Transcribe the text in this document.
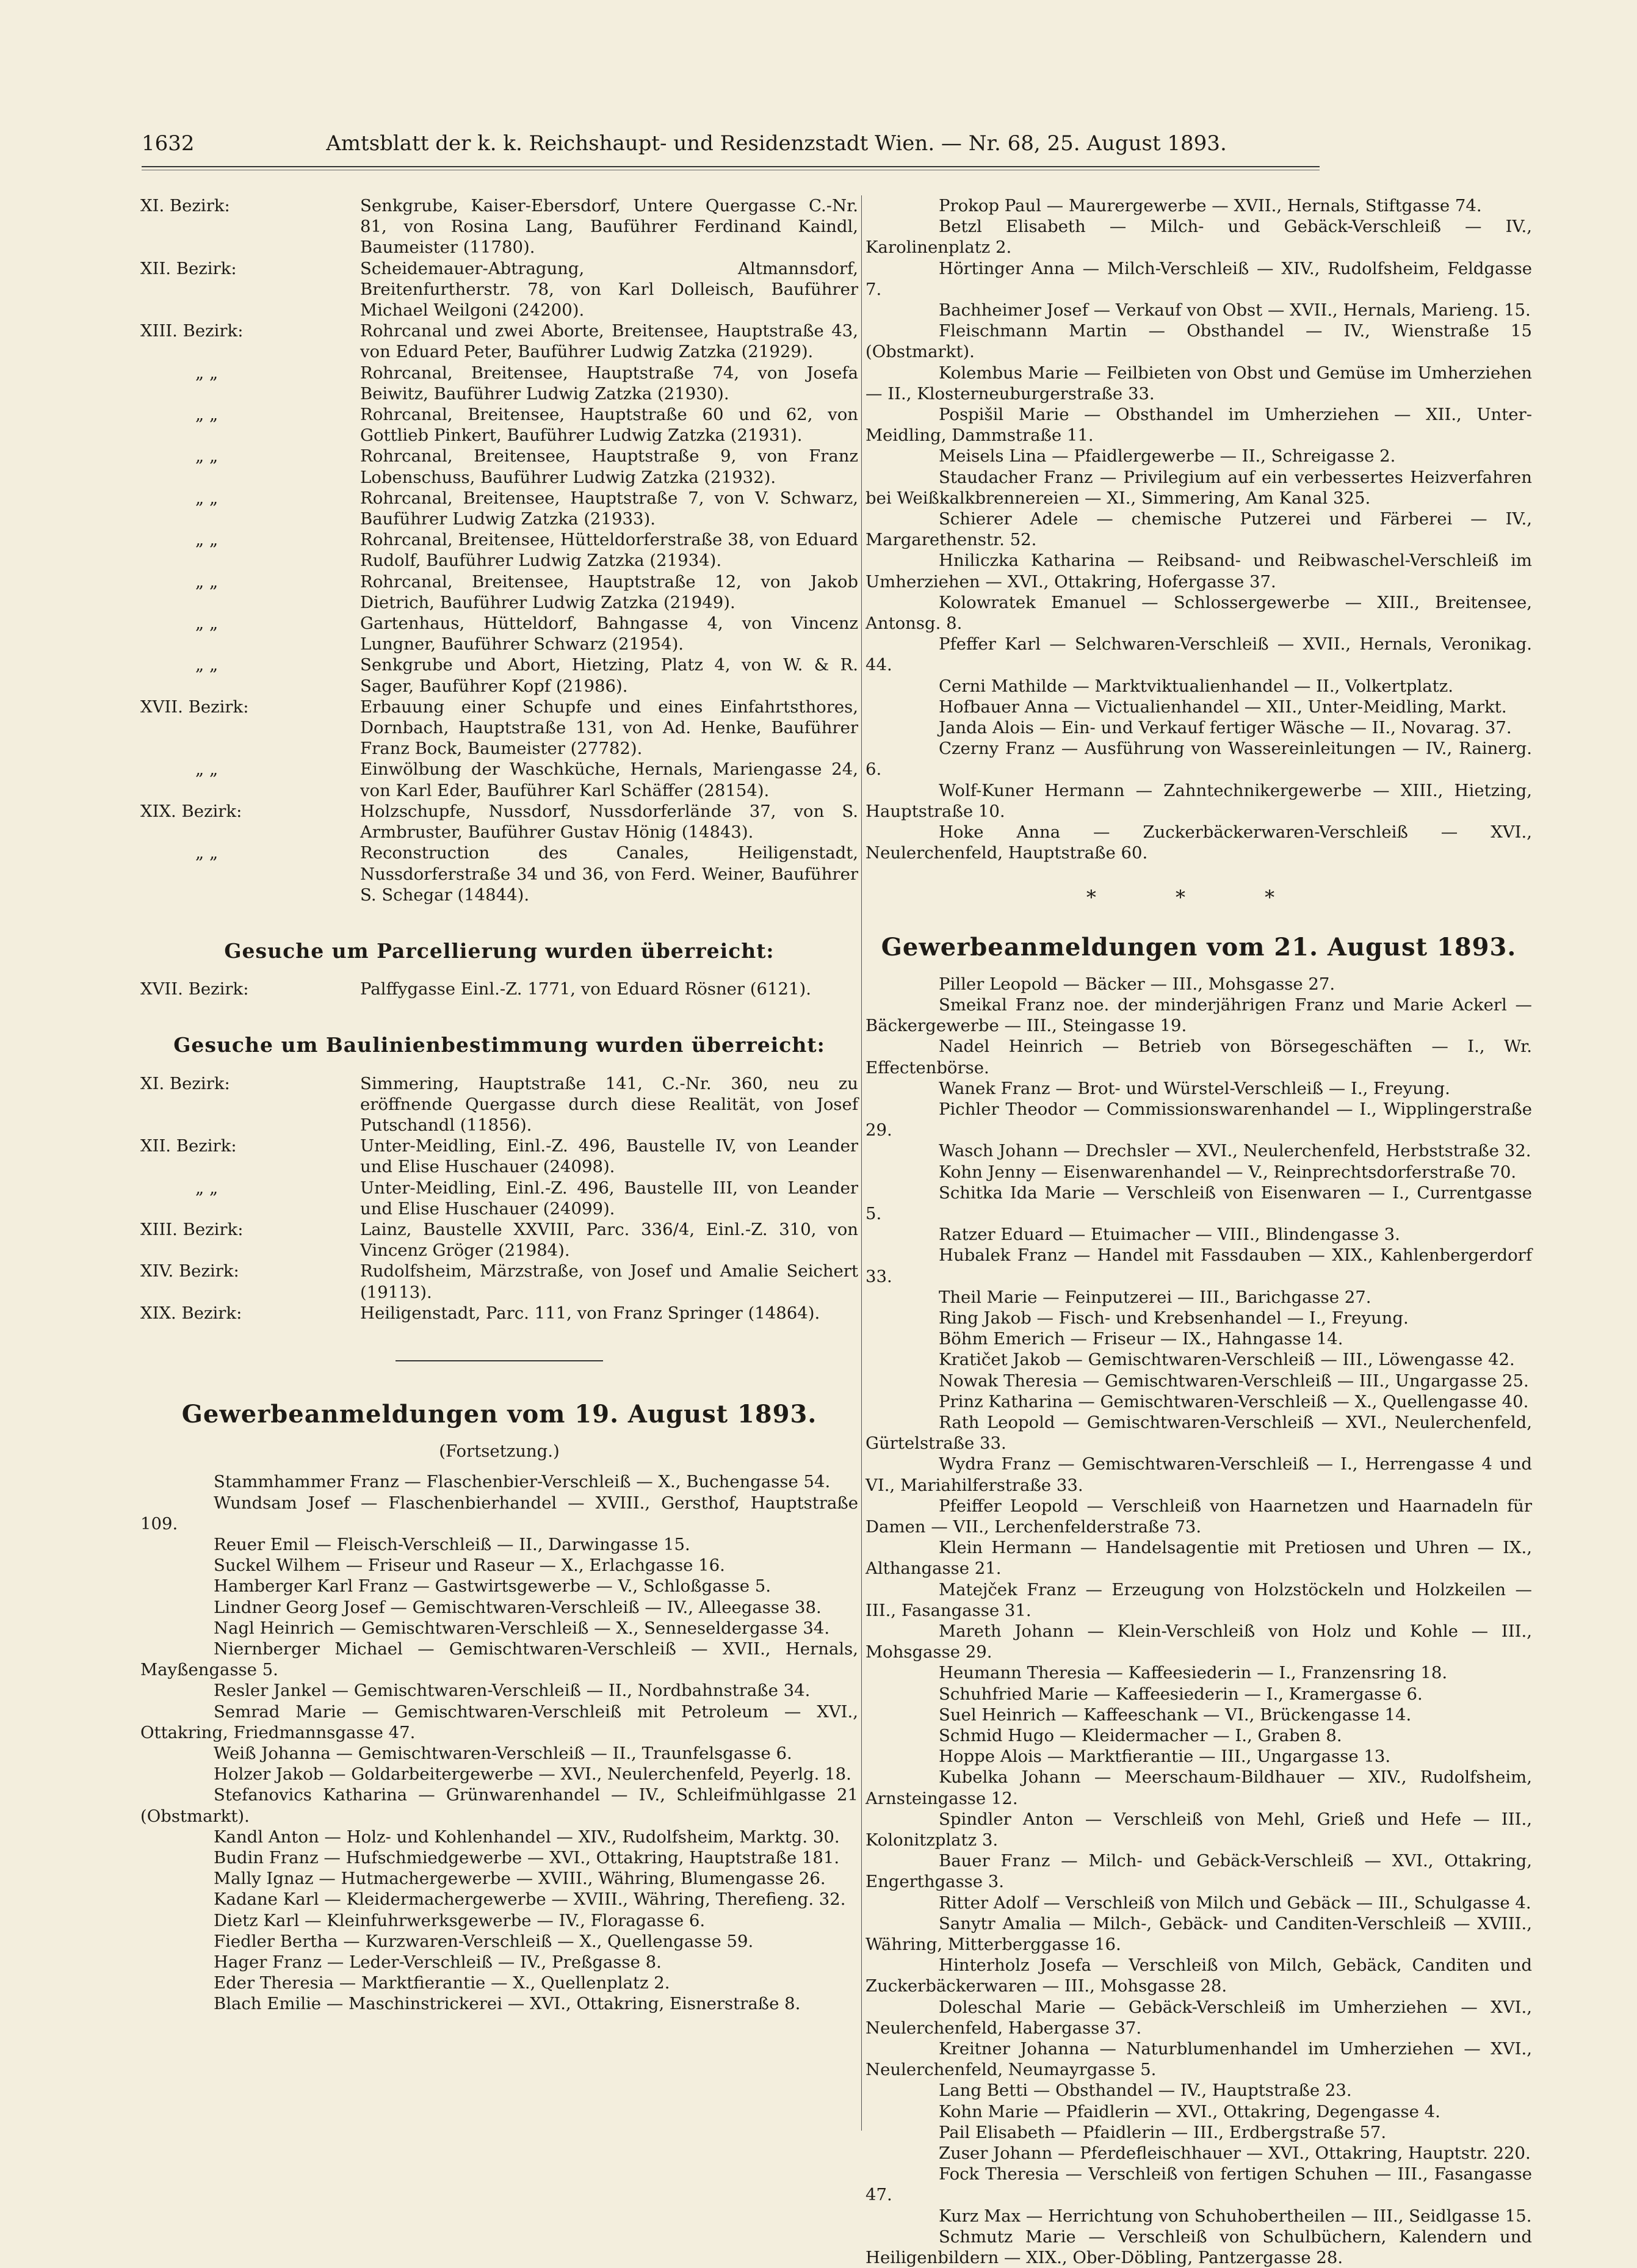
1632	Amtsblatt der k. k. Reichshaupt- und Residenzstadt Wien. — Nr. 68, 25. August 1893.
XI. Bezirk:	Senkgrube, Kaiser-Ebersdorf, Untere Quergasse C.-Nr. 81, von Rosina Lang, Bauführer Ferdinand Kaindl, Baumeister (11780).
XII. Bezirk:	Scheidemauer-Abtragung, Altmannsdorf, Breitenfurtherstr. 78, von Karl Dolleisch, Bauführer Michael Weilgoni (24200).
XIII. Bezirk:	Rohrcanal und zwei Aborte, Breitensee, Hauptstraße 43, von Eduard Peter, Bauführer Ludwig Zatzka (21929).
„ „	Rohrcanal, Breitensee, Hauptstraße 74, von Josefa Beiwitz, Bauführer Ludwig Zatzka (21930).
„ „	Rohrcanal, Breitensee, Hauptstraße 60 und 62, von Gottlieb Pinkert, Bauführer Ludwig Zatzka (21931).
„ „	Rohrcanal, Breitensee, Hauptstraße 9, von Franz Lobenschuss, Bauführer Ludwig Zatzka (21932).
„ „	Rohrcanal, Breitensee, Hauptstraße 7, von V. Schwarz, Bauführer Ludwig Zatzka (21933).
„ „	Rohrcanal, Breitensee, Hütteldorferstraße 38, von Eduard Rudolf, Bauführer Ludwig Zatzka (21934).
„ „	Rohrcanal, Breitensee, Hauptstraße 12, von Jakob Dietrich, Bauführer Ludwig Zatzka (21949).
„ „	Gartenhaus, Hütteldorf, Bahngasse 4, von Vincenz Lungner, Bauführer Schwarz (21954).
„ „	Senkgrube und Abort, Hietzing, Platz 4, von W. & R. Sager, Bauführer Kopf (21986).
XVII. Bezirk:	Erbauung einer Schupfe und eines Einfahrtsthores, Dornbach, Hauptstraße 131, von Ad. Henke, Bauführer Franz Bock, Baumeister (27782).
„ „	Einwölbung der Waschküche, Hernals, Mariengasse 24, von Karl Eder, Bauführer Karl Schäffer (28154).
XIX. Bezirk:	Holzschupfe, Nussdorf, Nussdorferlände 37, von S. Armbruster, Bauführer Gustav Hönig (14843).
„ „	Reconstruction des Canales, Heiligenstadt, Nussdorferstraße 34 und 36, von Ferd. Weiner, Bauführer S. Schegar (14844).
Gesuche um Parcellierung wurden überreicht:
XVII. Bezirk:	Palffygasse Einl.-Z. 1771, von Eduard Rösner (6121).
Gesuche um Baulinienbestimmung wurden überreicht:
XI. Bezirk:	Simmering, Hauptstraße 141, C.-Nr. 360, neu zu eröffnende Quergasse durch diese Realität, von Josef Putschandl (11856).
XII. Bezirk:	Unter-Meidling, Einl.-Z. 496, Baustelle IV, von Leander und Elise Huschauer (24098).
„ „	Unter-Meidling, Einl.-Z. 496, Baustelle III, von Leander und Elise Huschauer (24099).
XIII. Bezirk:	Lainz, Baustelle XXVIII, Parc. 336/4, Einl.-Z. 310, von Vincenz Gröger (21984).
XIV. Bezirk:	Rudolfsheim, Märzstraße, von Josef und Amalie Seichert (19113).
XIX. Bezirk:	Heiligenstadt, Parc. 111, von Franz Springer (14864).
Gewerbeanmeldungen vom 19. August 1893.
(Fortsetzung.)
Stammhammer Franz — Flaschenbier-Verschleiß — X., Buchengasse 54.
Wundsam Josef — Flaschenbierhandel — XVIII., Gersthof, Hauptstraße 109.
Reuer Emil — Fleisch-Verschleiß — II., Darwingasse 15.
Suckel Wilhem — Friseur und Raseur — X., Erlachgasse 16.
Hamberger Karl Franz — Gastwirtsgewerbe — V., Schloßgasse 5.
Lindner Georg Josef — Gemischtwaren-Verschleiß — IV., Alleegasse 38.
Nagl Heinrich — Gemischtwaren-Verschleiß — X., Senneseldergasse 34.
Niernberger Michael — Gemischtwaren-Verschleiß — XVII., Hernals, Mayßengasse 5.
Resler Jankel — Gemischtwaren-Verschleiß — II., Nordbahnstraße 34.
Semrad Marie — Gemischtwaren-Verschleiß mit Petroleum — XVI., Ottakring, Friedmannsgasse 47.
Weiß Johanna — Gemischtwaren-Verschleiß — II., Traunfelsgasse 6.
Holzer Jakob — Goldarbeitergewerbe — XVI., Neulerchenfeld, Peyerlg. 18.
Stefanovics Katharina — Grünwarenhandel — IV., Schleifmühlgasse 21 (Obstmarkt).
Kandl Anton — Holz- und Kohlenhandel — XIV., Rudolfsheim, Marktg. 30.
Budin Franz — Hufschmiedgewerbe — XVI., Ottakring, Hauptstraße 181.
Mally Ignaz — Hutmachergewerbe — XVIII., Währing, Blumengasse 26.
Kadane Karl — Kleidermachergewerbe — XVIII., Währing, Therefieng. 32.
Dietz Karl — Kleinfuhrwerksgewerbe — IV., Floragasse 6.
Fiedler Bertha — Kurzwaren-Verschleiß — X., Quellengasse 59.
Hager Franz — Leder-Verschleiß — IV., Preßgasse 8.
Eder Theresia — Marktfierantie — X., Quellenplatz 2.
Blach Emilie — Maschinstrickerei — XVI., Ottakring, Eisnerstraße 8.
Prokop Paul — Maurergewerbe — XVII., Hernals, Stiftgasse 74.
Betzl Elisabeth — Milch- und Gebäck-Verschleiß — IV., Karolinenplatz 2.
Hörtinger Anna — Milch-Verschleiß — XIV., Rudolfsheim, Feldgasse 7.
Bachheimer Josef — Verkauf von Obst — XVII., Hernals, Marieng. 15.
Fleischmann Martin — Obsthandel — IV., Wienstraße 15 (Obstmarkt).
Kolembus Marie — Feilbieten von Obst und Gemüse im Umherziehen — II., Klosterneuburgerstraße 33.
Pospišil Marie — Obsthandel im Umherziehen — XII., Unter-Meidling, Dammstraße 11.
Meisels Lina — Pfaidlergewerbe — II., Schreigasse 2.
Staudacher Franz — Privilegium auf ein verbessertes Heizverfahren bei Weißkalkbrennereien — XI., Simmering, Am Kanal 325.
Schierer Adele — chemische Putzerei und Färberei — IV., Margarethenstr. 52.
Hniliczka Katharina — Reibsand- und Reibwaschel-Verschleiß im Umherziehen — XVI., Ottakring, Hofergasse 37.
Kolowratek Emanuel — Schlossergewerbe — XIII., Breitensee, Antonsg. 8.
Pfeffer Karl — Selchwaren-Verschleiß — XVII., Hernals, Veronikag. 44.
Cerni Mathilde — Marktviktualienhandel — II., Volkertplatz.
Hofbauer Anna — Victualienhandel — XII., Unter-Meidling, Markt.
Janda Alois — Ein- und Verkauf fertiger Wäsche — II., Novarag. 37.
Czerny Franz — Ausführung von Wassereinleitungen — IV., Rainerg. 6.
Wolf-Kuner Hermann — Zahntechnikergewerbe — XIII., Hietzing, Hauptstraße 10.
Hoke Anna — Zuckerbäckerwaren-Verschleiß — XVI., Neulerchenfeld, Hauptstraße 60.
* * *
Gewerbeanmeldungen vom 21. August 1893.
Piller Leopold — Bäcker — III., Mohsgasse 27.
Smeikal Franz noe. der minderjährigen Franz und Marie Ackerl — Bäckergewerbe — III., Steingasse 19.
Nadel Heinrich — Betrieb von Börsegeschäften — I., Wr. Effectenbörse.
Wanek Franz — Brot- und Würstel-Verschleiß — I., Freyung.
Pichler Theodor — Commissionswarenhandel — I., Wipplingerstraße 29.
Wasch Johann — Drechsler — XVI., Neulerchenfeld, Herbststraße 32.
Kohn Jenny — Eisenwarenhandel — V., Reinprechtsdorferstraße 70.
Schitka Ida Marie — Verschleiß von Eisenwaren — I., Currentgasse 5.
Ratzer Eduard — Etuimacher — VIII., Blindengasse 3.
Hubalek Franz — Handel mit Fassdauben — XIX., Kahlenbergerdorf 33.
Theil Marie — Feinputzerei — III., Barichgasse 27.
Ring Jakob — Fisch- und Krebsenhandel — I., Freyung.
Böhm Emerich — Friseur — IX., Hahngasse 14.
Kratičet Jakob — Gemischtwaren-Verschleiß — III., Löwengasse 42.
Nowak Theresia — Gemischtwaren-Verschleiß — III., Ungargasse 25.
Prinz Katharina — Gemischtwaren-Verschleiß — X., Quellengasse 40.
Rath Leopold — Gemischtwaren-Verschleiß — XVI., Neulerchenfeld, Gürtelstraße 33.
Wydra Franz — Gemischtwaren-Verschleiß — I., Herrengasse 4 und VI., Mariahilferstraße 33.
Pfeiffer Leopold — Verschleiß von Haarnetzen und Haarnadeln für Damen — VII., Lerchenfelderstraße 73.
Klein Hermann — Handelsagentie mit Pretiosen und Uhren — IX., Althangasse 21.
Matejček Franz — Erzeugung von Holzstöckeln und Holzkeilen — III., Fasangasse 31.
Mareth Johann — Klein-Verschleiß von Holz und Kohle — III., Mohsgasse 29.
Heumann Theresia — Kaffeesiederin — I., Franzensring 18.
Schuhfried Marie — Kaffeesiederin — I., Kramergasse 6.
Suel Heinrich — Kaffeeschank — VI., Brückengasse 14.
Schmid Hugo — Kleidermacher — I., Graben 8.
Hoppe Alois — Marktfierantie — III., Ungargasse 13.
Kubelka Johann — Meerschaum-Bildhauer — XIV., Rudolfsheim, Arnsteingasse 12.
Spindler Anton — Verschleiß von Mehl, Grieß und Hefe — III., Kolonitzplatz 3.
Bauer Franz — Milch- und Gebäck-Verschleiß — XVI., Ottakring, Engerthgasse 3.
Ritter Adolf — Verschleiß von Milch und Gebäck — III., Schulgasse 4.
Sanytr Amalia — Milch-, Gebäck- und Canditen-Verschleiß — XVIII., Währing, Mitterberggasse 16.
Hinterholz Josefa — Verschleiß von Milch, Gebäck, Canditen und Zuckerbäckerwaren — III., Mohsgasse 28.
Doleschal Marie — Gebäck-Verschleiß im Umherziehen — XVI., Neulerchenfeld, Habergasse 37.
Kreitner Johanna — Naturblumenhandel im Umherziehen — XVI., Neulerchenfeld, Neumayrgasse 5.
Lang Betti — Obsthandel — IV., Hauptstraße 23.
Kohn Marie — Pfaidlerin — XVI., Ottakring, Degengasse 4.
Pail Elisabeth — Pfaidlerin — III., Erdbergstraße 57.
Zuser Johann — Pferdefleischhauer — XVI., Ottakring, Hauptstr. 220.
Fock Theresia — Verschleiß von fertigen Schuhen — III., Fasangasse 47.
Kurz Max — Herrichtung von Schuhobertheilen — III., Seidlgasse 15.
Schmutz Marie — Verschleiß von Schulbüchern, Kalendern und Heiligenbildern — XIX., Ober-Döbling, Pantzergasse 28.
